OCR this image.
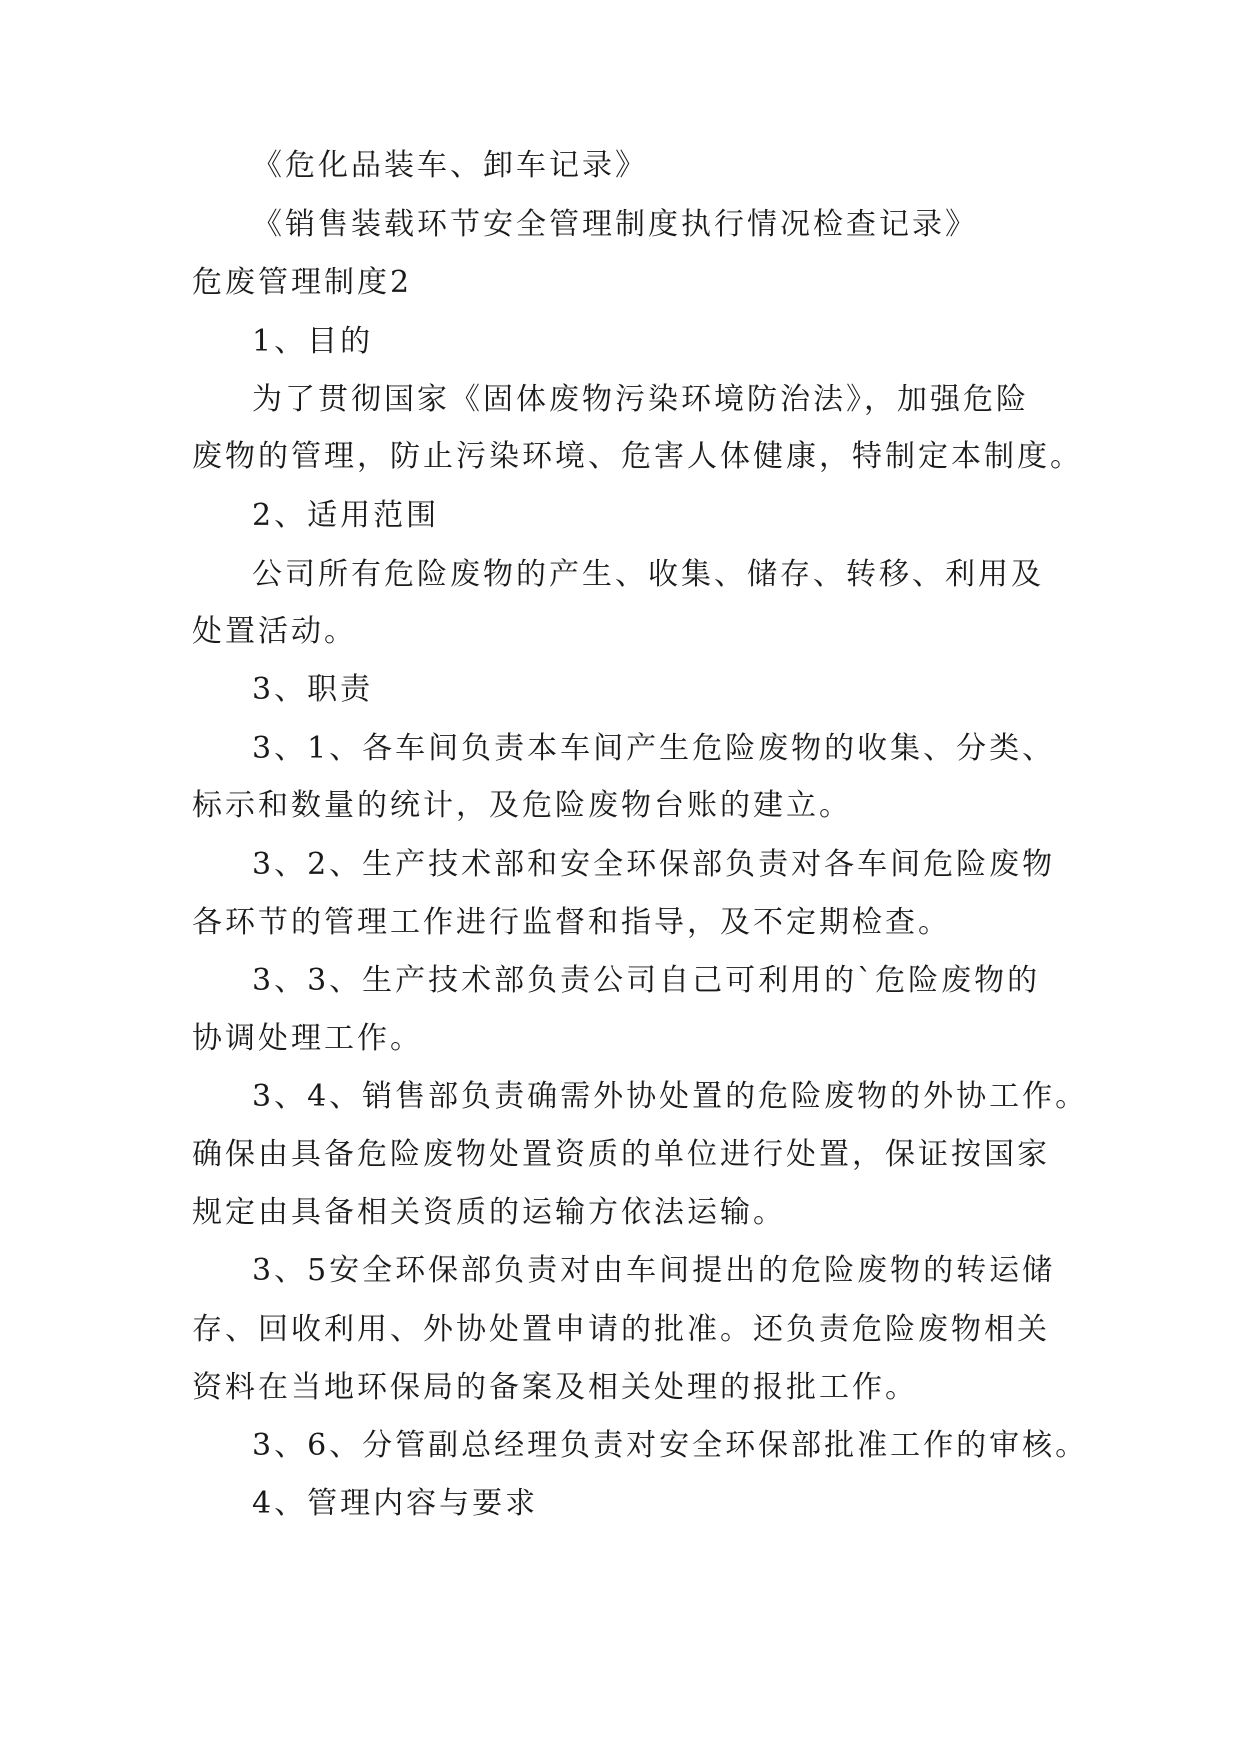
《危化品装车、卸车记录》
《销售装载环节安全管理制度执行情况检查记录》
危废管理制度2
1、目的
为了贯彻国家《固体废物污染环境防治法》，加强危险
废物的管理，防止污染环境、危害人体健康，特制定本制度。
2、适用范围
公司所有危险废物的产生、收集、储存、转移、利用及
处置活动。
3、职责
3、1、各车间负责本车间产生危险废物的收集、分类、
标示和数量的统计，及危险废物台账的建立。
3、2、生产技术部和安全环保部负责对各车间危险废物
各环节的管理工作进行监督和指导，及不定期检查。
3、3、生产技术部负责公司自己可利用的`危险废物的
协调处理工作。
3、4、销售部负责确需外协处置的危险废物的外协工作。
确保由具备危险废物处置资质的单位进行处置，保证按国家
规定由具备相关资质的运输方依法运输。
3、5安全环保部负责对由车间提出的危险废物的转运储
存、回收利用、外协处置申请的批准。还负责危险废物相关
资料在当地环保局的备案及相关处理的报批工作。
3、6、分管副总经理负责对安全环保部批准工作的审核。
4、管理内容与要求
